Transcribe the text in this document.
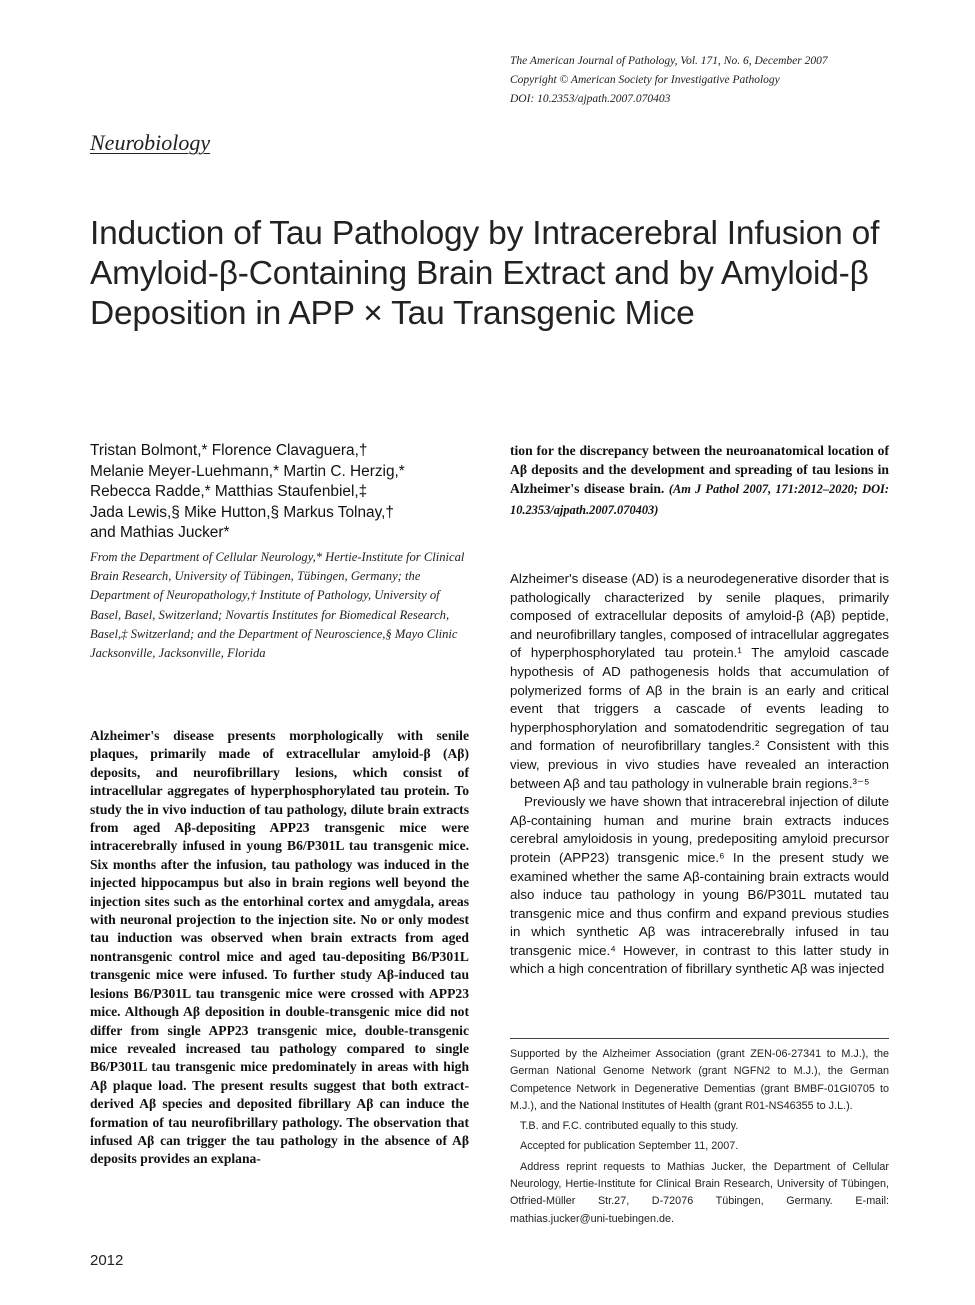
The American Journal of Pathology, Vol. 171, No. 6, December 2007
Copyright © American Society for Investigative Pathology
DOI: 10.2353/ajpath.2007.070403
Neurobiology
Induction of Tau Pathology by Intracerebral Infusion of Amyloid-β-Containing Brain Extract and by Amyloid-β Deposition in APP × Tau Transgenic Mice
Tristan Bolmont,* Florence Clavaguera,†
Melanie Meyer-Luehmann,* Martin C. Herzig,*
Rebecca Radde,* Matthias Staufenbiel,‡
Jada Lewis,§ Mike Hutton,§ Markus Tolnay,†
and Mathias Jucker*
From the Department of Cellular Neurology,* Hertie-Institute for Clinical Brain Research, University of Tübingen, Tübingen, Germany; the Department of Neuropathology,† Institute of Pathology, University of Basel, Basel, Switzerland; Novartis Institutes for Biomedical Research, Basel,‡ Switzerland; and the Department of Neuroscience,§ Mayo Clinic Jacksonville, Jacksonville, Florida
Alzheimer's disease presents morphologically with senile plaques, primarily made of extracellular amyloid-β (Aβ) deposits, and neurofibrillary lesions, which consist of intracellular aggregates of hyperphosphorylated tau protein. To study the in vivo induction of tau pathology, dilute brain extracts from aged Aβ-depositing APP23 transgenic mice were intracerebrally infused in young B6/P301L tau transgenic mice. Six months after the infusion, tau pathology was induced in the injected hippocampus but also in brain regions well beyond the injection sites such as the entorhinal cortex and amygdala, areas with neuronal projection to the injection site. No or only modest tau induction was observed when brain extracts from aged nontransgenic control mice and aged tau-depositing B6/P301L transgenic mice were infused. To further study Aβ-induced tau lesions B6/P301L tau transgenic mice were crossed with APP23 mice. Although Aβ deposition in double-transgenic mice did not differ from single APP23 transgenic mice, double-transgenic mice revealed increased tau pathology compared to single B6/P301L tau transgenic mice predominately in areas with high Aβ plaque load. The present results suggest that both extract-derived Aβ species and deposited fibrillary Aβ can induce the formation of tau neurofibrillary pathology. The observation that infused Aβ can trigger the tau pathology in the absence of Aβ deposits provides an explana-
tion for the discrepancy between the neuroanatomical location of Aβ deposits and the development and spreading of tau lesions in Alzheimer's disease brain. (Am J Pathol 2007, 171:2012–2020; DOI: 10.2353/ajpath.2007.070403)

Alzheimer's disease (AD) is a neurodegenerative disorder that is pathologically characterized by senile plaques, primarily composed of extracellular deposits of amyloid-β (Aβ) peptide, and neurofibrillary tangles, composed of intracellular aggregates of hyperphosphorylated tau protein.¹ The amyloid cascade hypothesis of AD pathogenesis holds that accumulation of polymerized forms of Aβ in the brain is an early and critical event that triggers a cascade of events leading to hyperphosphorylation and somatodendritic segregation of tau and formation of neurofibrillary tangles.² Consistent with this view, previous in vivo studies have revealed an interaction between Aβ and tau pathology in vulnerable brain regions.³⁻⁵

Previously we have shown that intracerebral injection of dilute Aβ-containing human and murine brain extracts induces cerebral amyloidosis in young, predepositing amyloid precursor protein (APP23) transgenic mice.⁶ In the present study we examined whether the same Aβ-containing brain extracts would also induce tau pathology in young B6/P301L mutated tau transgenic mice and thus confirm and expand previous studies in which synthetic Aβ was intracerebrally infused in tau transgenic mice.⁴ However, in contrast to this latter study in which a high concentration of fibrillary synthetic Aβ was injected

Supported by the Alzheimer Association (grant ZEN-06-27341 to M.J.), the German National Genome Network (grant NGFN2 to M.J.), the German Competence Network in Degenerative Dementias (grant BMBF-01GI0705 to M.J.), and the National Institutes of Health (grant R01-NS46355 to J.L.).

T.B. and F.C. contributed equally to this study.

Accepted for publication September 11, 2007.

Address reprint requests to Mathias Jucker, the Department of Cellular Neurology, Hertie-Institute for Clinical Brain Research, University of Tübingen, Otfried-Müller Str.27, D-72076 Tübingen, Germany. E-mail: mathias.jucker@uni-tuebingen.de.

2012
